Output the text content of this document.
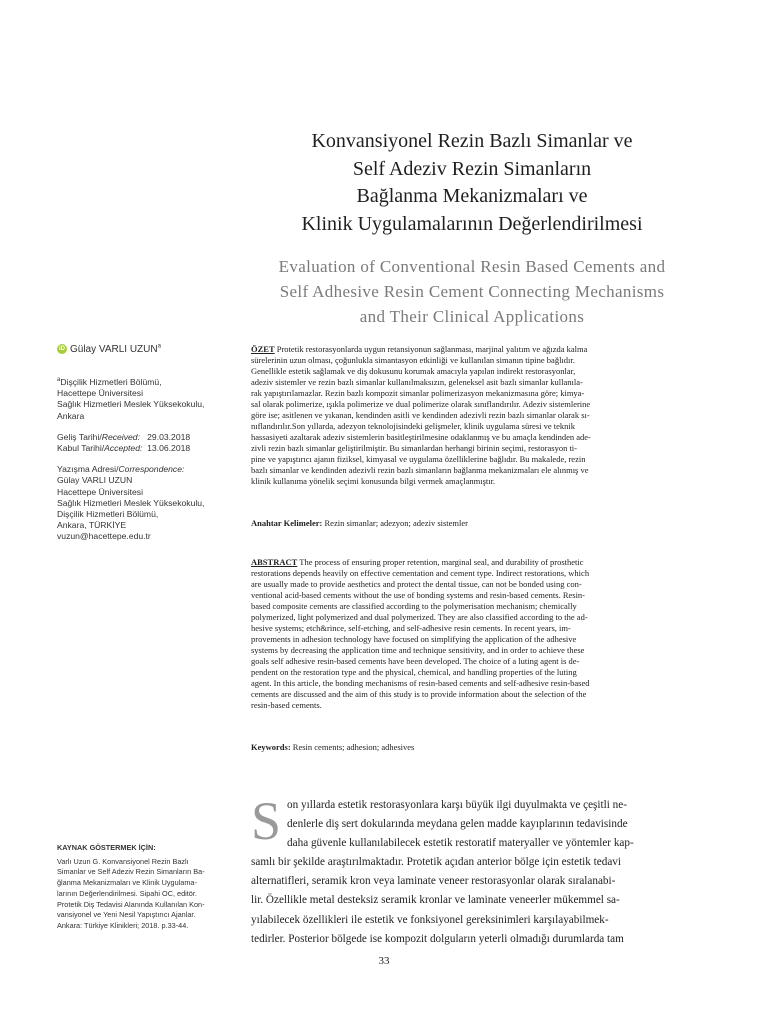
Konvansiyonel Rezin Bazlı Simanlar ve
Self Adeziv Rezin Simanların
Bağlanma Mekanizmaları ve
Klinik Uygulamalarının Değerlendirilmesi
Evaluation of Conventional Resin Based Cements and
Self Adhesive Resin Cement Connecting Mechanisms
and Their Clinical Applications
iD Gülay VARLI UZUN$^a$
$^a$Dişçilik Hizmetleri Bölümü,
Hacettepe Üniversitesi
Sağlık Hizmetleri Meslek Yüksekokulu,
Ankara
Geliş Tarihi/Received: 29.03.2018
Kabul Tarihi/Accepted: 13.06.2018
Yazışma Adresi/Correspondence:
Gülay VARLI UZUN
Hacettepe Üniversitesi
Sağlık Hizmetleri Meslek Yüksekokulu,
Dişçilik Hizmetleri Bölümü,
Ankara, TÜRKİYE
vuzun@hacettepe.edu.tr
KAYNAK GÖSTERMEK İÇİN:
Varlı Uzun G. Konvansiyonel Rezin Bazlı
Simanlar ve Self Adeziv Rezin Simanların Ba-
ğlanma Mekanizmaları ve Klinik Uygulama-
larının Değerlendirilmesi. Sipahi OC, editör.
Protetik Diş Tedavisi Alanında Kullanılan Kon-
vansiyonel ve Yeni Nesil Yapıştırıcı Ajanlar.
Ankara: Türkiye Klinikleri; 2018. p.33-44.
ÖZET Protetik restorasyonlarda uygun retansiyonun sağlanması, marjinal yalıtım ve ağızda kalma
sürelerinin uzun olması, çoğunlukla simantasyon etkinliği ve kullanılan simanın tipine bağlıdır.
Genellikle estetik sağlamak ve diş dokusunu korumak amacıyla yapılan indirekt restorasyonlar,
adeziv sistemler ve rezin bazlı simanlar kullanılmaksızın, geleneksel asit bazlı simanlar kullanıla-
rak yapıştırılamazlar. Rezin bazlı kompozit simanlar polimerizasyon mekanizmasına göre; kimya-
sal olarak polimerize, ışıkla polimerize ve dual polimerize olarak sınıflandırılır. Adeziv sistemlerine
göre ise; asitlenen ve yıkanan, kendinden asitli ve kendinden adezivli rezin bazlı simanlar olarak sı-
nıflandırılır.Son yıllarda, adezyon teknolojisindeki gelişmeler, klinik uygulama süresi ve teknik
hassasiyeti azaltarak adeziv sistemlerin basitleştirilmesine odaklanmış ve bu amaçla kendinden ade-
zivli rezin bazlı simanlar geliştirilmiştir. Bu simanlardan herhangi birinin seçimi, restorasyon ti-
pine ve yapıştırıcı ajanın fiziksel, kimyasal ve uygulama özelliklerine bağlıdır. Bu makalede, rezin
bazlı simanlar ve kendinden adezivli rezin bazlı simanların bağlanma mekanizmaları ele alınmış ve
klinik kullanıma yönelik seçimi konusunda bilgi vermek amaçlanmıştır.
Anahtar Kelimeler: Rezin simanlar; adezyon; adeziv sistemler
ABSTRACT The process of ensuring proper retention, marginal seal, and durability of prosthetic
restorations depends heavily on effective cementation and cement type. Indirect restorations, which
are usually made to provide aesthetics and protect the dental tissue, can not be bonded using con-
ventional acid-based cements without the use of bonding systems and resin-based cements. Resin-
based composite cements are classified according to the polymerisation mechanism; chemically
polymerized, light polymerized and dual polymerized. They are also classified according to the ad-
hesive systems; etch&rince, self-etching, and self-adhesive resin cements. In recent years, im-
provements in adhesion technology have focused on simplifying the application of the adhesive
systems by decreasing the application time and technique sensitivity, and in order to achieve these
goals self adhesive resin-based cements have been developed. The choice of a luting agent is de-
pendent on the restoration type and the physical, chemical, and handling properties of the luting
agent. In this article, the bonding mechanisms of resin-based cements and self-adhesive resin-based
cements are discussed and the aim of this study is to provide information about the selection of the
resin-based cements.
Keywords: Resin cements; adhesion; adhesives
S on yıllarda estetik restorasyonlara karşı büyük ilgi duyulmakta ve çeşitli ne-
denlerle diş sert dokularında meydana gelen madde kayıplarının tedavisinde
daha güvenle kullanılabilecek estetik restoratif materyaller ve yöntemler kap-
samlı bir şekilde araştırılmaktadır. Protetik açıdan anterior bölge için estetik tedavi
alternatifleri, seramik kron veya laminate veneer restorasyonlar olarak sıralanabi-
lir. Özellikle metal desteksiz seramik kronlar ve laminate veneerler mükemmel sa-
yılabilecek özellikleri ile estetik ve fonksiyonel gereksinimleri karşılayabilmek-
tedirler. Posterior bölgede ise kompozit dolguların yeterli olmadığı durumlarda tam
33
